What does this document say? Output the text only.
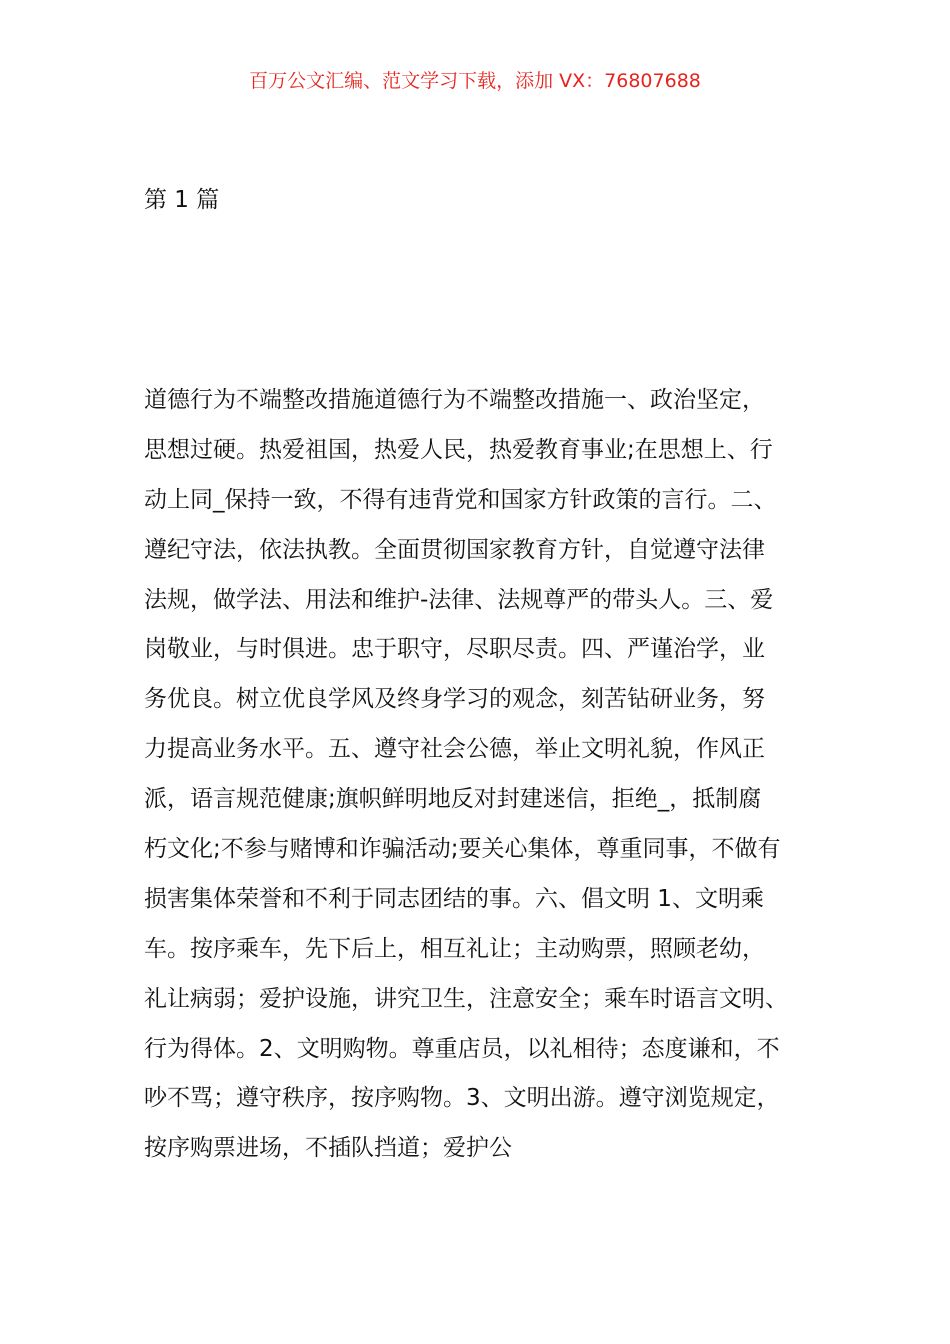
百万公文汇编、范文学习下载，添加 VX：76807688
第 1 篇
道德行为不端整改措施道德行为不端整改措施一、政治坚定，
思想过硬。热爱祖国，热爱人民，热爱教育事业;在思想上、行
动上同_保持一致，不得有违背党和国家方针政策的言行。二、
遵纪守法，依法执教。全面贯彻国家教育方针，自觉遵守法律
法规，做学法、用法和维护-法律、法规尊严的带头人。三、爱
岗敬业，与时俱进。忠于职守，尽职尽责。四、严谨治学，业
务优良。树立优良学风及终身学习的观念，刻苦钻研业务，努
力提高业务水平。五、遵守社会公德，举止文明礼貌，作风正
派，语言规范健康;旗帜鲜明地反对封建迷信，拒绝_，抵制腐
朽文化;不参与赌博和诈骗活动;要关心集体，尊重同事，不做有
损害集体荣誉和不利于同志团结的事。六、倡文明 1、文明乘
车。按序乘车，先下后上，相互礼让；主动购票，照顾老幼，
礼让病弱；爱护设施，讲究卫生，注意安全；乘车时语言文明、
行为得体。2、文明购物。尊重店员，以礼相待；态度谦和，不
吵不骂；遵守秩序，按序购物。3、文明出游。遵守浏览规定，
按序购票进场，不插队挡道；爱护公
